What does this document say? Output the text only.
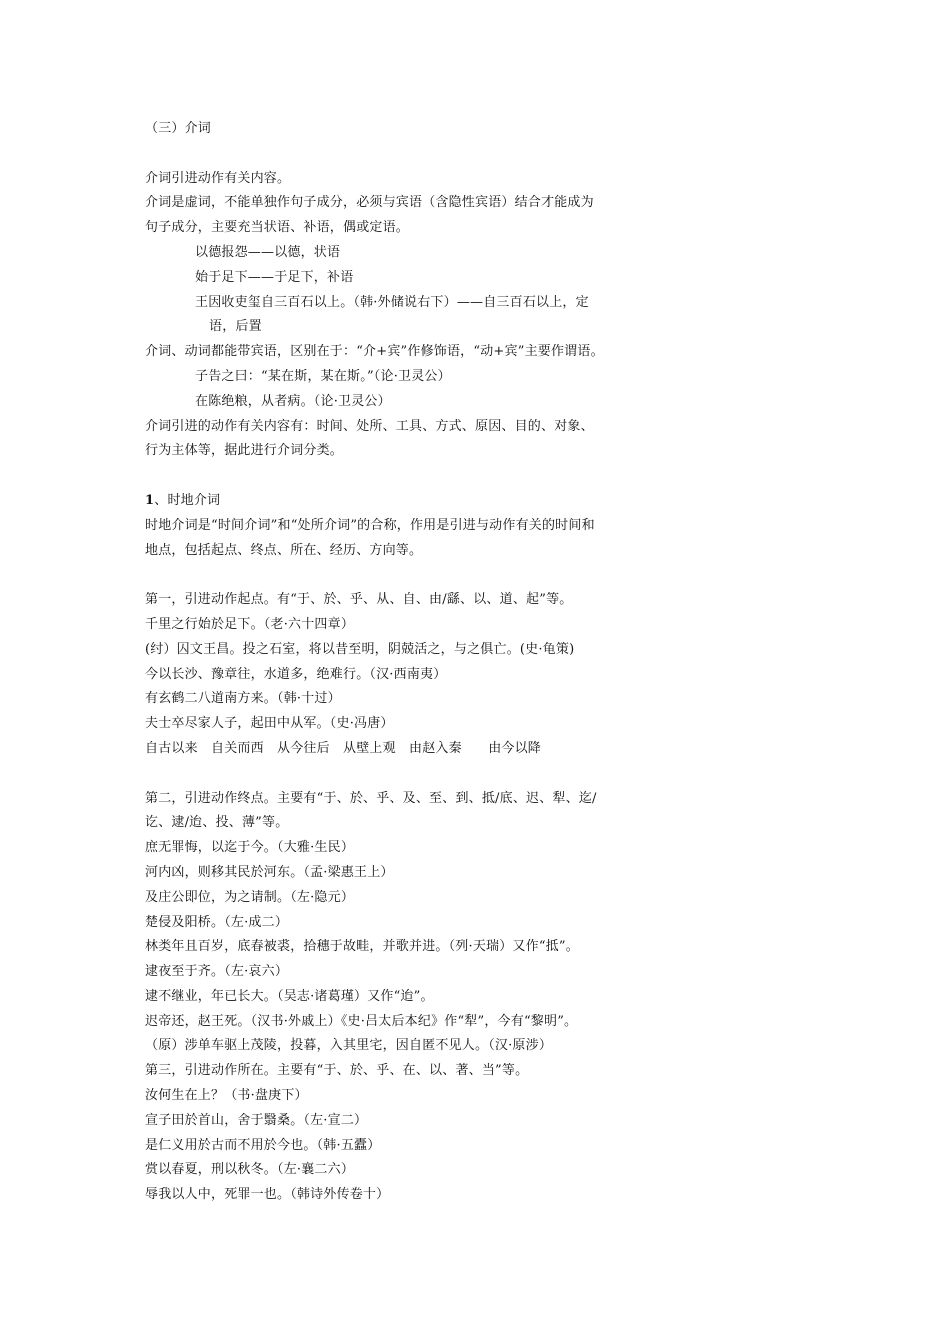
（三）介词
介词引进动作有关内容。
介词是虚词，不能单独作句子成分，必须与宾语（含隐性宾语）结合才能成为
句子成分，主要充当状语、补语，偶或定语。
以德报怨——以德，状语
始于足下——于足下，补语
王因收吏玺自三百石以上。（韩·外储说右下）——自三百石以上，定
语，后置
介词、动词都能带宾语，区别在于：“介+宾”作修饰语，“动+宾”主要作谓语。
子告之曰：“某在斯，某在斯。”（论·卫灵公）
在陈绝粮，从者病。（论·卫灵公）
介词引进的动作有关内容有：时间、处所、工具、方式、原因、目的、对象、
行为主体等，据此进行介词分类。
1、时地介词
时地介词是“时间介词”和“处所介词”的合称，作用是引进与动作有关的时间和
地点，包括起点、终点、所在、经历、方向等。
第一，引进动作起点。有“于、於、乎、从、自、由/繇、以、道、起”等。
千里之行始於足下。（老·六十四章）
(纣）囚文王昌。投之石室，将以昔至明，阴兢活之，与之俱亡。(史·龟策)
今以长沙、豫章往，水道多，绝难行。（汉·西南夷）
有玄鹤二八道南方来。（韩·十过）
夫士卒尽家人子，起田中从军。（史·冯唐）
自古以来　自关而西　从今往后　从壁上观　由赵入秦　　由今以降
第二，引进动作终点。主要有“于、於、乎、及、至、到、抵/底、迟、犁、迄/
讫、逮/迨、投、薄”等。
庶无罪悔，以迄于今。（大雅·生民）
河内凶，则移其民於河东。（孟·梁惠王上）
及庄公即位，为之请制。（左·隐元）
楚侵及阳桥。（左·成二）
林类年且百岁，底春被裘，拾穗于故畦，并歌并进。（列·天瑞）又作“抵”。
逮夜至于齐。（左·哀六）
逮不继业，年已长大。（吴志·诸葛瑾）又作“迨”。
迟帝还，赵王死。（汉书·外戚上）《史·吕太后本纪》作“犁”，今有“黎明”。
（原）涉单车驱上茂陵，投暮，入其里宅，因自匿不见人。（汉·原涉）
第三，引进动作所在。主要有“于、於、乎、在、以、著、当”等。
汝何生在上？（书·盘庚下）
宣子田於首山，舍于翳桑。（左·宣二）
是仁义用於古而不用於今也。（韩·五蠹）
赏以春夏，刑以秋冬。（左·襄二六）
辱我以人中，死罪一也。（韩诗外传卷十）
